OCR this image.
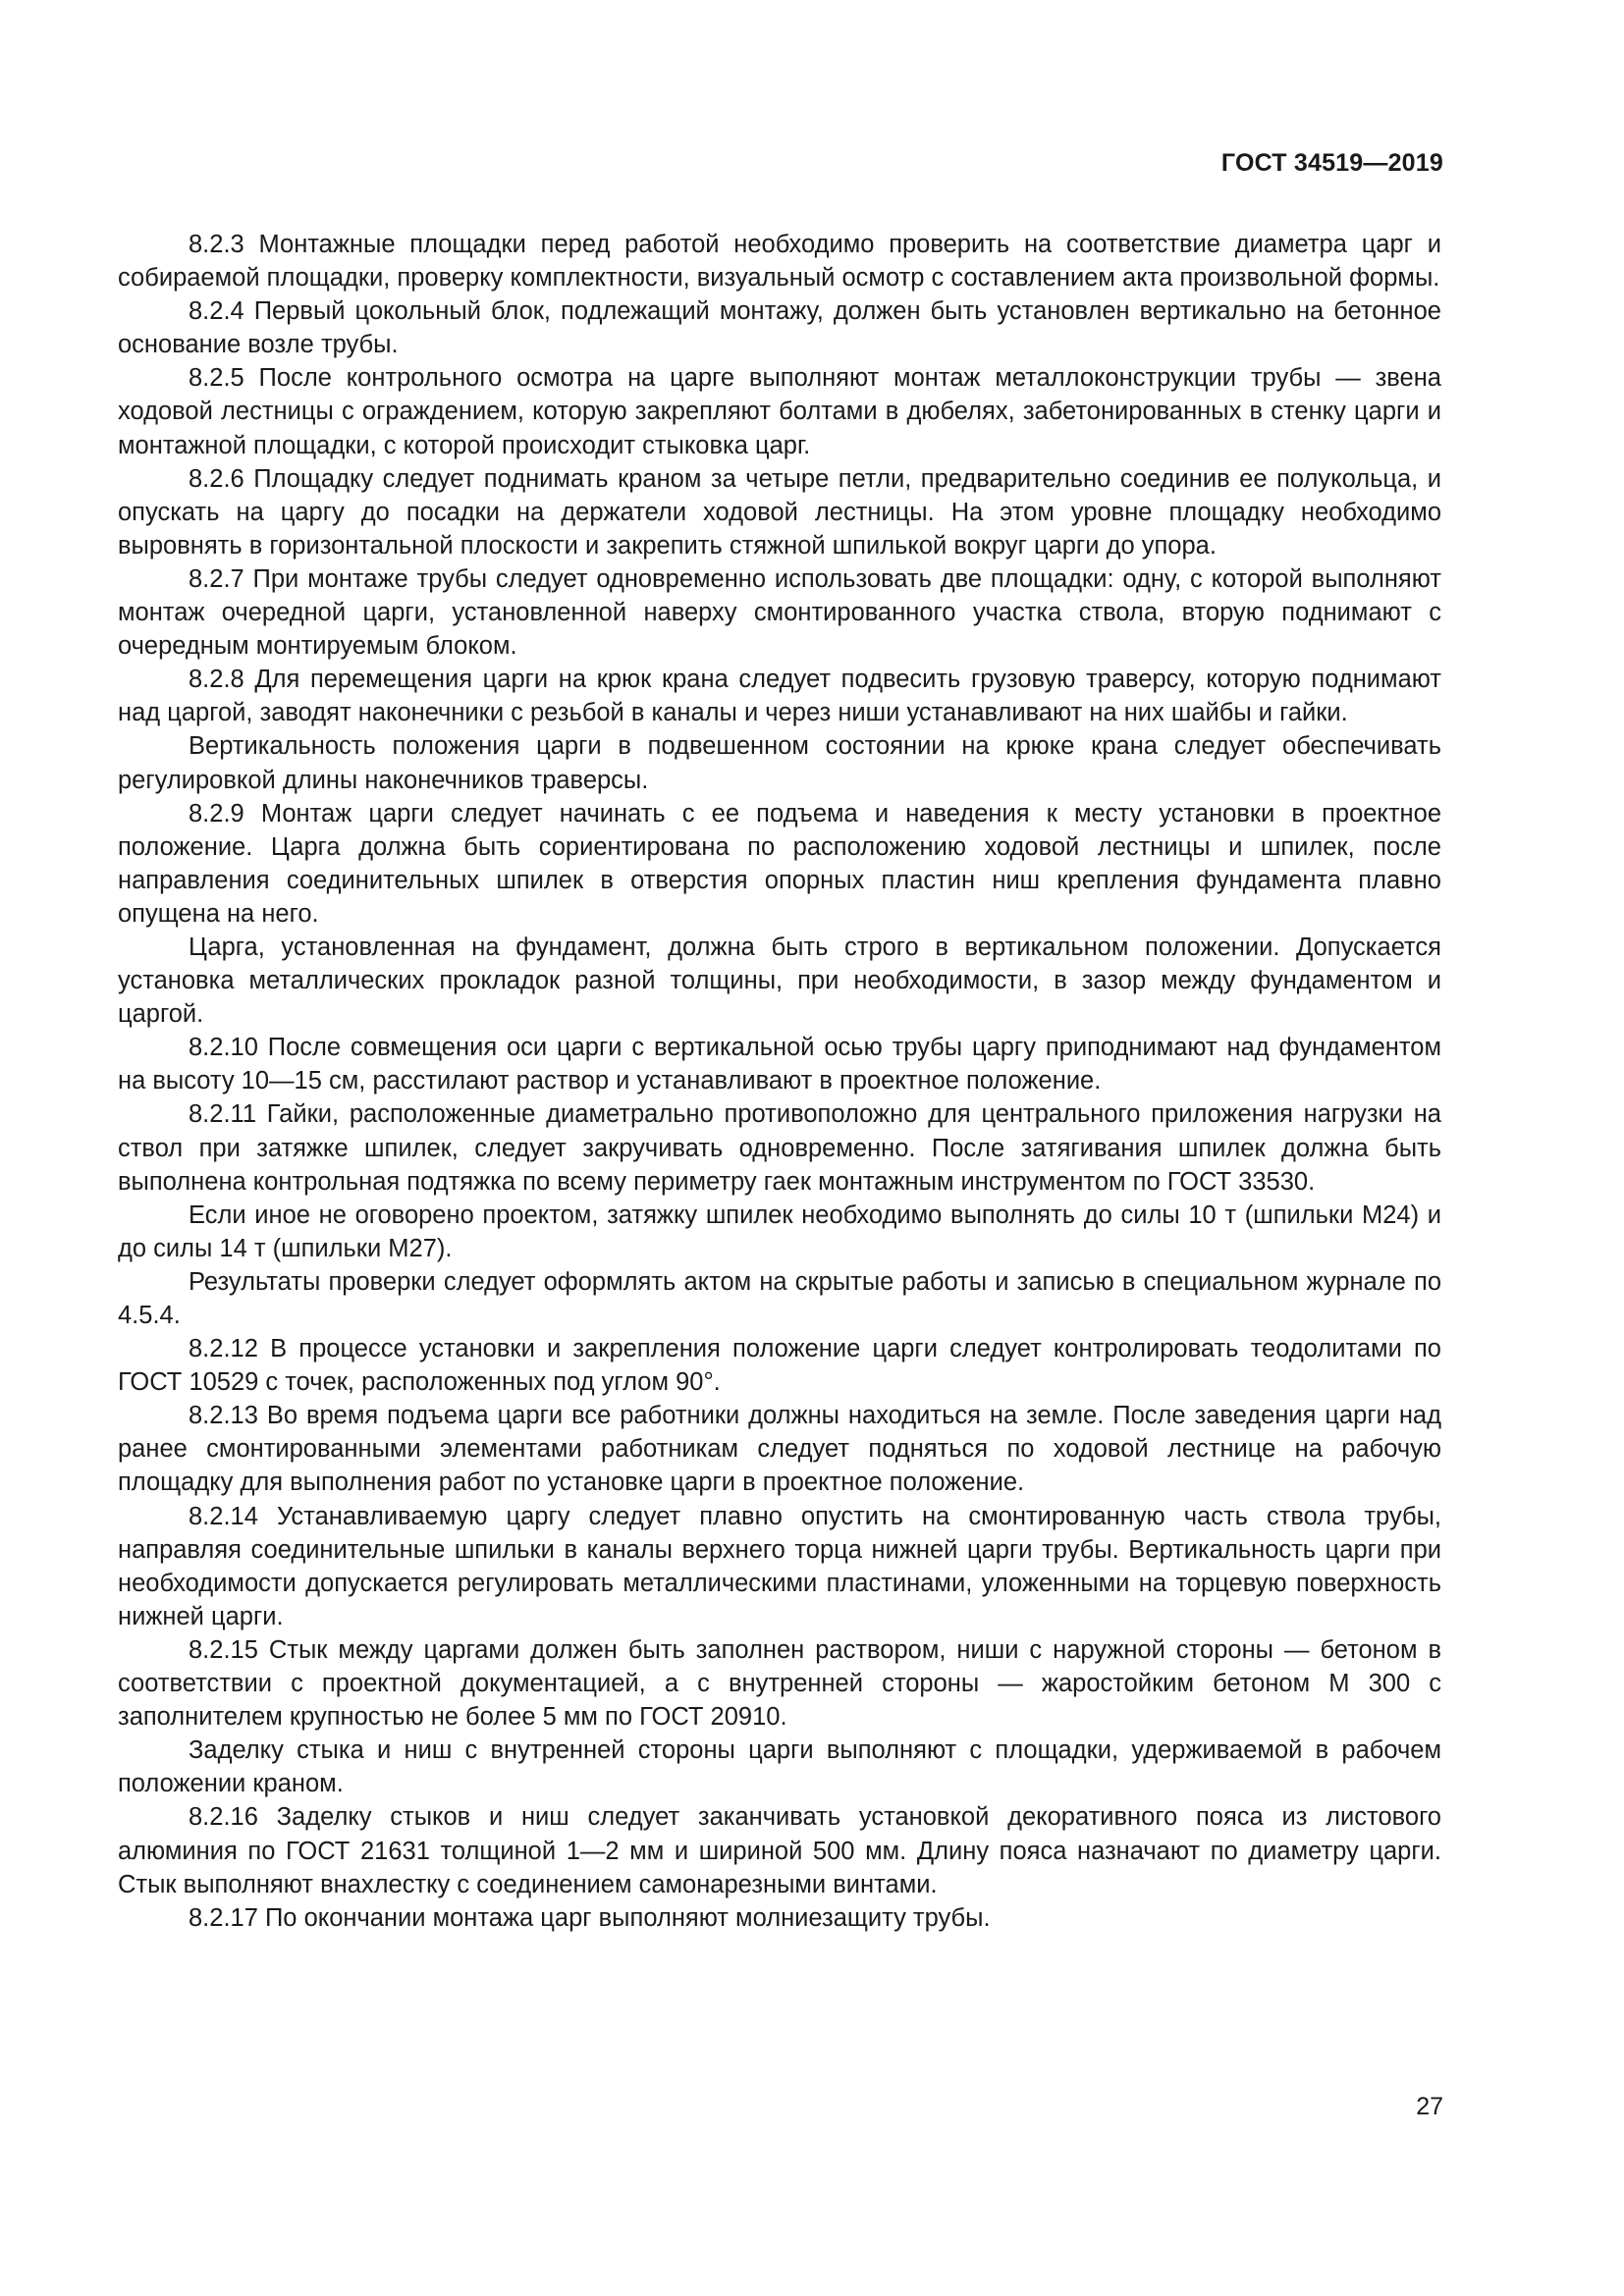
ГОСТ 34519—2019

8.2.3 Монтажные площадки перед работой необходимо проверить на соответствие диаметра царг и собираемой площадки, проверку комплектности, визуальный осмотр с составлением акта произвольной формы.

8.2.4 Первый цокольный блок, подлежащий монтажу, должен быть установлен вертикально на бетонное основание возле трубы.

8.2.5 После контрольного осмотра на царге выполняют монтаж металлоконструкции трубы — звена ходовой лестницы с ограждением, которую закрепляют болтами в дюбелях, забетонированных в стенку царги и монтажной площадки, с которой происходит стыковка царг.

8.2.6 Площадку следует поднимать краном за четыре петли, предварительно соединив ее полукольца, и опускать на царгу до посадки на держатели ходовой лестницы. На этом уровне площадку необходимо выровнять в горизонтальной плоскости и закрепить стяжной шпилькой вокруг царги до упора.

8.2.7 При монтаже трубы следует одновременно использовать две площадки: одну, с которой выполняют монтаж очередной царги, установленной наверху смонтированного участка ствола, вторую поднимают с очередным монтируемым блоком.

8.2.8 Для перемещения царги на крюк крана следует подвесить грузовую траверсу, которую поднимают над царгой, заводят наконечники с резьбой в каналы и через ниши устанавливают на них шайбы и гайки.

Вертикальность положения царги в подвешенном состоянии на крюке крана следует обеспечивать регулировкой длины наконечников траверсы.

8.2.9 Монтаж царги следует начинать с ее подъема и наведения к месту установки в проектное положение. Царга должна быть сориентирована по расположению ходовой лестницы и шпилек, после направления соединительных шпилек в отверстия опорных пластин ниш крепления фундамента плавно опущена на него.

Царга, установленная на фундамент, должна быть строго в вертикальном положении. Допускается установка металлических прокладок разной толщины, при необходимости, в зазор между фундаментом и царгой.

8.2.10 После совмещения оси царги с вертикальной осью трубы царгу приподнимают над фундаментом на высоту 10—15 см, расстилают раствор и устанавливают в проектное положение.

8.2.11 Гайки, расположенные диаметрально противоположно для центрального приложения нагрузки на ствол при затяжке шпилек, следует закручивать одновременно. После затягивания шпилек должна быть выполнена контрольная подтяжка по всему периметру гаек монтажным инструментом по ГОСТ 33530.

Если иное не оговорено проектом, затяжку шпилек необходимо выполнять до силы 10 т (шпильки М24) и до силы 14 т (шпильки М27).

Результаты проверки следует оформлять актом на скрытые работы и записью в специальном журнале по 4.5.4.

8.2.12 В процессе установки и закрепления положение царги следует контролировать теодолитами по ГОСТ 10529 с точек, расположенных под углом 90°.

8.2.13 Во время подъема царги все работники должны находиться на земле. После заведения царги над ранее смонтированными элементами работникам следует подняться по ходовой лестнице на рабочую площадку для выполнения работ по установке царги в проектное положение.

8.2.14 Устанавливаемую царгу следует плавно опустить на смонтированную часть ствола трубы, направляя соединительные шпильки в каналы верхнего торца нижней царги трубы. Вертикальность царги при необходимости допускается регулировать металлическими пластинами, уложенными на торцевую поверхность нижней царги.

8.2.15 Стык между царгами должен быть заполнен раствором, ниши с наружной стороны — бетоном в соответствии с проектной документацией, а с внутренней стороны — жаростойким бетоном М 300 с заполнителем крупностью не более 5 мм по ГОСТ 20910.

Заделку стыка и ниш с внутренней стороны царги выполняют с площадки, удерживаемой в рабочем положении краном.

8.2.16 Заделку стыков и ниш следует заканчивать установкой декоративного пояса из листового алюминия по ГОСТ 21631 толщиной 1—2 мм и шириной 500 мм. Длину пояса назначают по диаметру царги. Стык выполняют внахлестку с соединением самонарезными винтами.

8.2.17 По окончании монтажа царг выполняют молниезащиту трубы.

27
